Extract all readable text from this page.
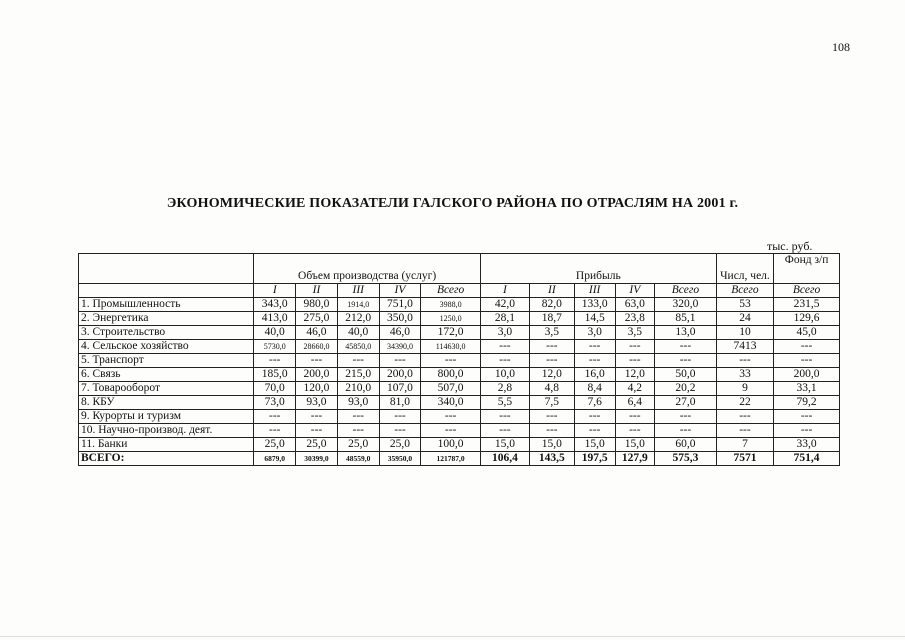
108
ЭКОНОМИЧЕСКИЕ ПОКАЗАТЕЛИ ГАЛСКОГО РАЙОНА ПО ОТРАСЛЯМ НА 2001 г.
тыс. руб.
	Объем производства (услуг)					Прибыль					Числ, чел.	Фонд з/п
	I	II	III	IV	Всего	I	II	III	IV	Всего	Всего	Всего
1. Промышленность	343,0	980,0	1914,0	751,0	3988,0	42,0	82,0	133,0	63,0	320,0	53	231,5
2. Энергетика	413,0	275,0	212,0	350,0	1250,0	28,1	18,7	14,5	23,8	85,1	24	129,6
3. Строительство	40,0	46,0	40,0	46,0	172,0	3,0	3,5	3,0	3,5	13,0	10	45,0
4. Сельское хозяйство	5730,0	28660,0	45850,0	34390,0	114630,0	---	---	---	---	---	7413	---
5. Транспорт	---	---	---	---	---	---	---	---	---	---	---	---
6. Связь	185,0	200,0	215,0	200,0	800,0	10,0	12,0	16,0	12,0	50,0	33	200,0
7. Товарооборот	70,0	120,0	210,0	107,0	507,0	2,8	4,8	8,4	4,2	20,2	9	33,1
8. КБУ	73,0	93,0	93,0	81,0	340,0	5,5	7,5	7,6	6,4	27,0	22	79,2
9. Курорты и туризм	---	---	---	---	---	---	---	---	---	---	---	---
10. Научно-производ. деят.	---	---	---	---	---	---	---	---	---	---	---	---
11. Банки	25,0	25,0	25,0	25,0	100,0	15,0	15,0	15,0	15,0	60,0	7	33,0
ВСЕГО:	6879,0	30399,0	48559,0	35950,0	121787,0	106,4	143,5	197,5	127,9	575,3	7571	751,4
